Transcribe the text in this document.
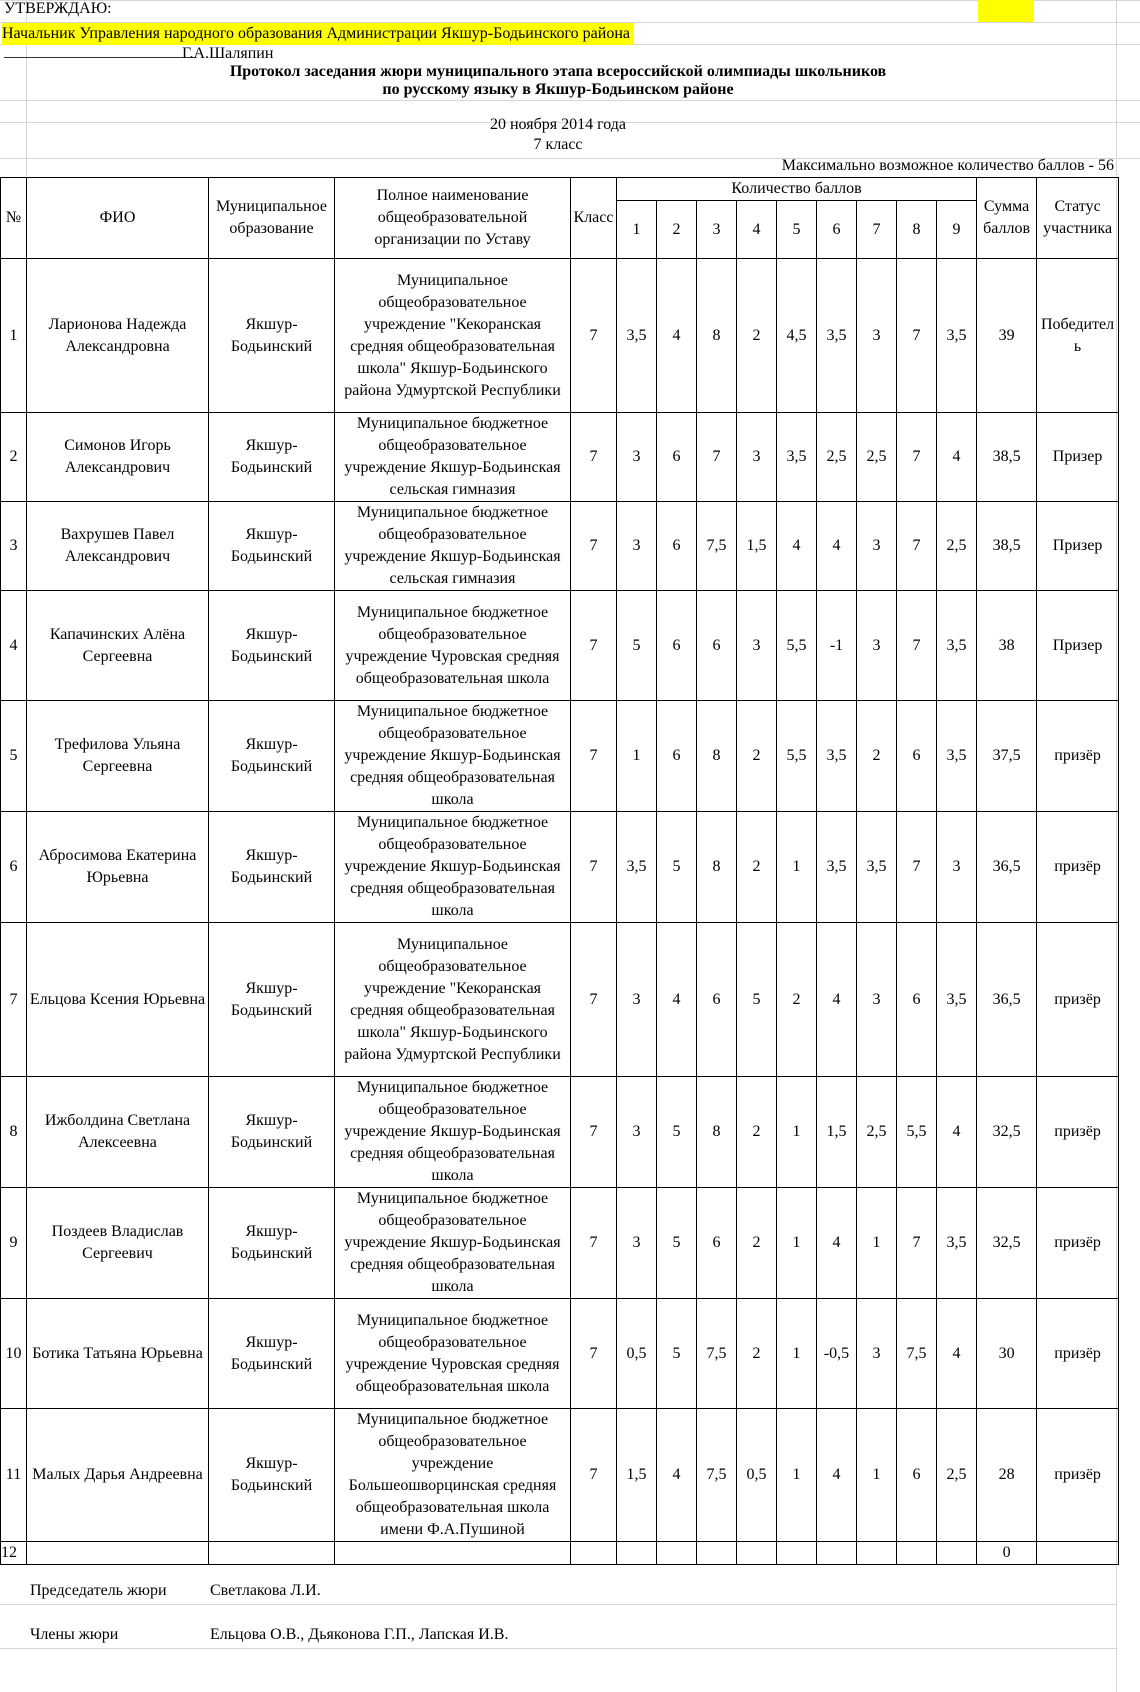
УТВЕРЖДАЮ:
Начальник Управления народного образования Администрации Якшур-Бодьинского района
________________________
Г.А.Шаляпин
Протокол заседания жюри муниципального этапа всероссийской олимпиады школьников
по русскому языку в Якшур-Бодьинском районе
20 ноября 2014 года
7 класс
Максимально возможное количество баллов - 56
№	ФИО	Муниципальное образование	Полное наименование общеобразовательной организации по Уставу	Класс	Количество баллов									Сумма баллов	Статус участника
					1	2	3	4	5	6	7	8	9		
1	Ларионова Надежда Александровна	Якшур-Бодьинский	Муниципальное общеобразовательное учреждение "Кекоранская средняя общеобразовательная школа" Якшур-Бодьинского района Удмуртской Республики	7	3,5	4	8	2	4,5	3,5	3	7	3,5	39	Победитель
2	Симонов Игорь Александрович	Якшур-Бодьинский	Муниципальное бюджетное общеобразовательное учреждение Якшур-Бодьинская сельская гимназия	7	3	6	7	3	3,5	2,5	2,5	7	4	38,5	Призер
3	Вахрушев Павел Александрович	Якшур-Бодьинский	Муниципальное бюджетное общеобразовательное учреждение Якшур-Бодьинская сельская гимназия	7	3	6	7,5	1,5	4	4	3	7	2,5	38,5	Призер
4	Капачинских Алёна Сергеевна	Якшур-Бодьинский	Муниципальное бюджетное общеобразовательное учреждение Чуровская средняя общеобразовательная школа	7	5	6	6	3	5,5	-1	3	7	3,5	38	Призер
5	Трефилова Ульяна Сергеевна	Якшур-Бодьинский	Муниципальное бюджетное общеобразовательное учреждение Якшур-Бодьинская средняя общеобразовательная школа	7	1	6	8	2	5,5	3,5	2	6	3,5	37,5	призёр
6	Абросимова Екатерина Юрьевна	Якшур-Бодьинский	Муниципальное бюджетное общеобразовательное учреждение Якшур-Бодьинская средняя общеобразовательная школа	7	3,5	5	8	2	1	3,5	3,5	7	3	36,5	призёр
7	Ельцова Ксения Юрьевна	Якшур-Бодьинский	Муниципальное общеобразовательное учреждение "Кекоранская средняя общеобразовательная школа" Якшур-Бодьинского района Удмуртской Республики	7	3	4	6	5	2	4	3	6	3,5	36,5	призёр
8	Ижболдина Светлана Алексеевна	Якшур-Бодьинский	Муниципальное бюджетное общеобразовательное учреждение Якшур-Бодьинская средняя общеобразовательная школа	7	3	5	8	2	1	1,5	2,5	5,5	4	32,5	призёр
9	Поздеев Владислав Сергеевич	Якшур-Бодьинский	Муниципальное бюджетное общеобразовательное учреждение Якшур-Бодьинская средняя общеобразовательная школа	7	3	5	6	2	1	4	1	7	3,5	32,5	призёр
10	Ботика Татьяна Юрьевна	Якшур-Бодьинский	Муниципальное бюджетное общеобразовательное учреждение Чуровская средняя общеобразовательная школа	7	0,5	5	7,5	2	1	-0,5	3	7,5	4	30	призёр
11	Малых Дарья Андреевна	Якшур-Бодьинский	Муниципальное бюджетное общеобразовательное учреждение Большеошворцинская средняя общеобразовательная школа имени Ф.А.Пушиной	7	1,5	4	7,5	0,5	1	4	1	6	2,5	28	призёр
12														0	
Председатель жюри	Светлакова Л.И.
Члены жюри	Ельцова О.В., Дьяконова Г.П., Лапская И.В.
